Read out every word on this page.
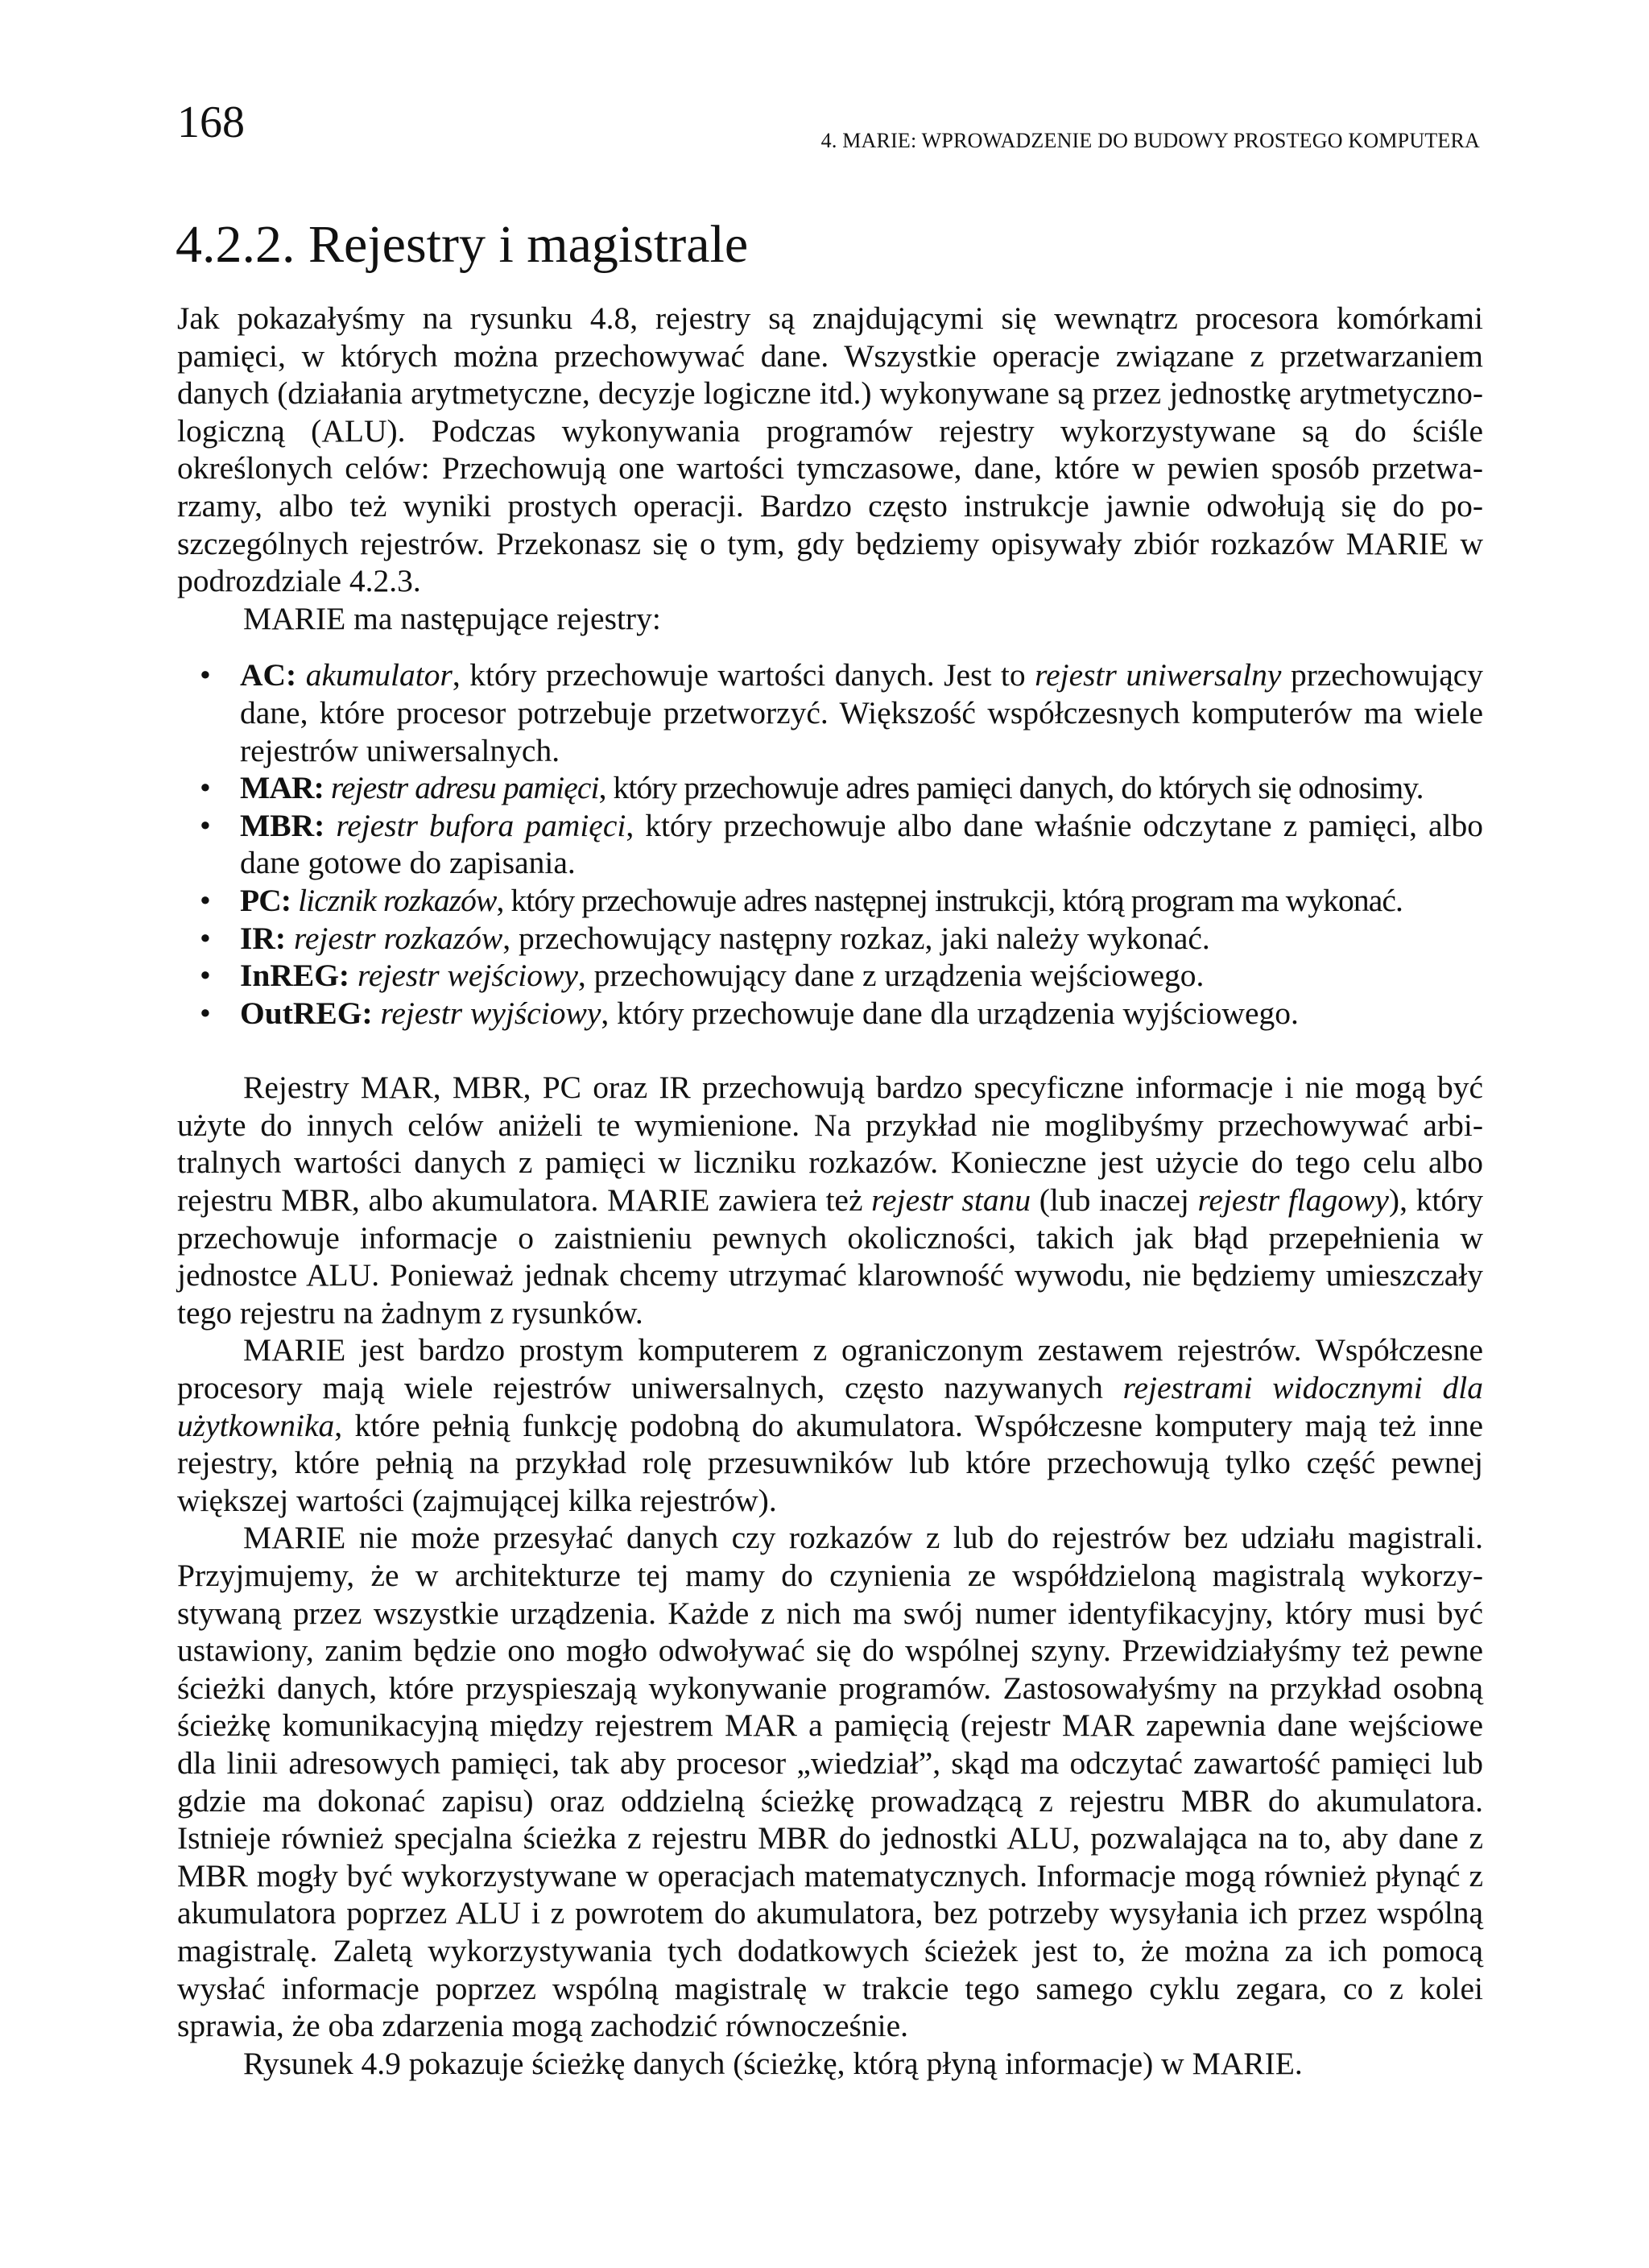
168	4. MARIE: WPROWADZENIE DO BUDOWY PROSTEGO KOMPUTERA
4.2.2. Rejestry i magistrale

Jak pokazałyśmy na rysunku 4.8, rejestry są znajdującymi się wewnątrz procesora komórkami pamięci, w których można przechowywać dane. Wszystkie operacje związane z przetwarzaniem danych (działania arytmetyczne, decyzje logiczne itd.) wykonywane są przez jednostkę arytmetyczno-logiczną (ALU). Podczas wykonywania programów rejestry wykorzystywane są do ściśle określonych celów: Przechowują one wartości tymczasowe, dane, które w pewien sposób przetwarzamy, albo też wyniki prostych operacji. Bardzo często instrukcje jawnie odwołują się do poszczególnych rejestrów. Przekonasz się o tym, gdy będziemy opisywały zbiór rozkazów MARIE w podrozdziale 4.2.3.

MARIE ma następujące rejestry:

• AC: akumulator, który przechowuje wartości danych. Jest to rejestr uniwersalny przechowujący dane, które procesor potrzebuje przetworzyć. Większość współczesnych komputerów ma wiele rejestrów uniwersalnych.
• MAR: rejestr adresu pamięci, który przechowuje adres pamięci danych, do których się odnosimy.
• MBR: rejestr bufora pamięci, który przechowuje albo dane właśnie odczytane z pamięci, albo dane gotowe do zapisania.
• PC: licznik rozkazów, który przechowuje adres następnej instrukcji, którą program ma wykonać.
• IR: rejestr rozkazów, przechowujący następny rozkaz, jaki należy wykonać.
• InREG: rejestr wejściowy, przechowujący dane z urządzenia wejściowego.
• OutREG: rejestr wyjściowy, który przechowuje dane dla urządzenia wyjściowego.

Rejestry MAR, MBR, PC oraz IR przechowują bardzo specyficzne informacje i nie mogą być użyte do innych celów aniżeli te wymienione. Na przykład nie moglibyśmy przechowywać arbitralnych wartości danych z pamięci w liczniku rozkazów. Konieczne jest użycie do tego celu albo rejestru MBR, albo akumulatora. MARIE zawiera też rejestr stanu (lub inaczej rejestr flagowy), który przechowuje informacje o zaistnieniu pewnych okoliczności, takich jak błąd przepełnienia w jednostce ALU. Ponieważ jednak chcemy utrzymać klarowność wywodu, nie będziemy umieszczały tego rejestru na żadnym z rysunków.

MARIE jest bardzo prostym komputerem z ograniczonym zestawem rejestrów. Współczesne procesory mają wiele rejestrów uniwersalnych, często nazywanych rejestrami widocznymi dla użytkownika, które pełnią funkcję podobną do akumulatora. Współczesne komputery mają też inne rejestry, które pełnią na przykład rolę przesuwników lub które przechowują tylko część pewnej większej wartości (zajmującej kilka rejestrów).

MARIE nie może przesyłać danych czy rozkazów z lub do rejestrów bez udziału magistrali. Przyjmujemy, że w architekturze tej mamy do czynienia ze współdzieloną magistralą wykorzystywaną przez wszystkie urządzenia. Każde z nich ma swój numer identyfikacyjny, który musi być ustawiony, zanim będzie ono mogło odwoływać się do wspólnej szyny. Przewidziałyśmy też pewne ścieżki danych, które przyspieszają wykonywanie programów. Zastosowałyśmy na przykład osobną ścieżkę komunikacyjną między rejestrem MAR a pamięcią (rejestr MAR zapewnia dane wejściowe dla linii adresowych pamięci, tak aby procesor „wiedział”, skąd ma odczytać zawartość pamięci lub gdzie ma dokonać zapisu) oraz oddzielną ścieżkę prowadzącą z rejestru MBR do akumulatora. Istnieje również specjalna ścieżka z rejestru MBR do jednostki ALU, pozwalająca na to, aby dane z MBR mogły być wykorzystywane w operacjach matematycznych. Informacje mogą również płynąć z akumulatora poprzez ALU i z powrotem do akumulatora, bez potrzeby wysyłania ich przez wspólną magistralę. Zaletą wykorzystywania tych dodatkowych ścieżek jest to, że można za ich pomocą wysłać informacje poprzez wspólną magistralę w trakcie tego samego cyklu zegara, co z kolei sprawia, że oba zdarzenia mogą zachodzić równocześnie.

Rysunek 4.9 pokazuje ścieżkę danych (ścieżkę, którą płyną informacje) w MARIE.
